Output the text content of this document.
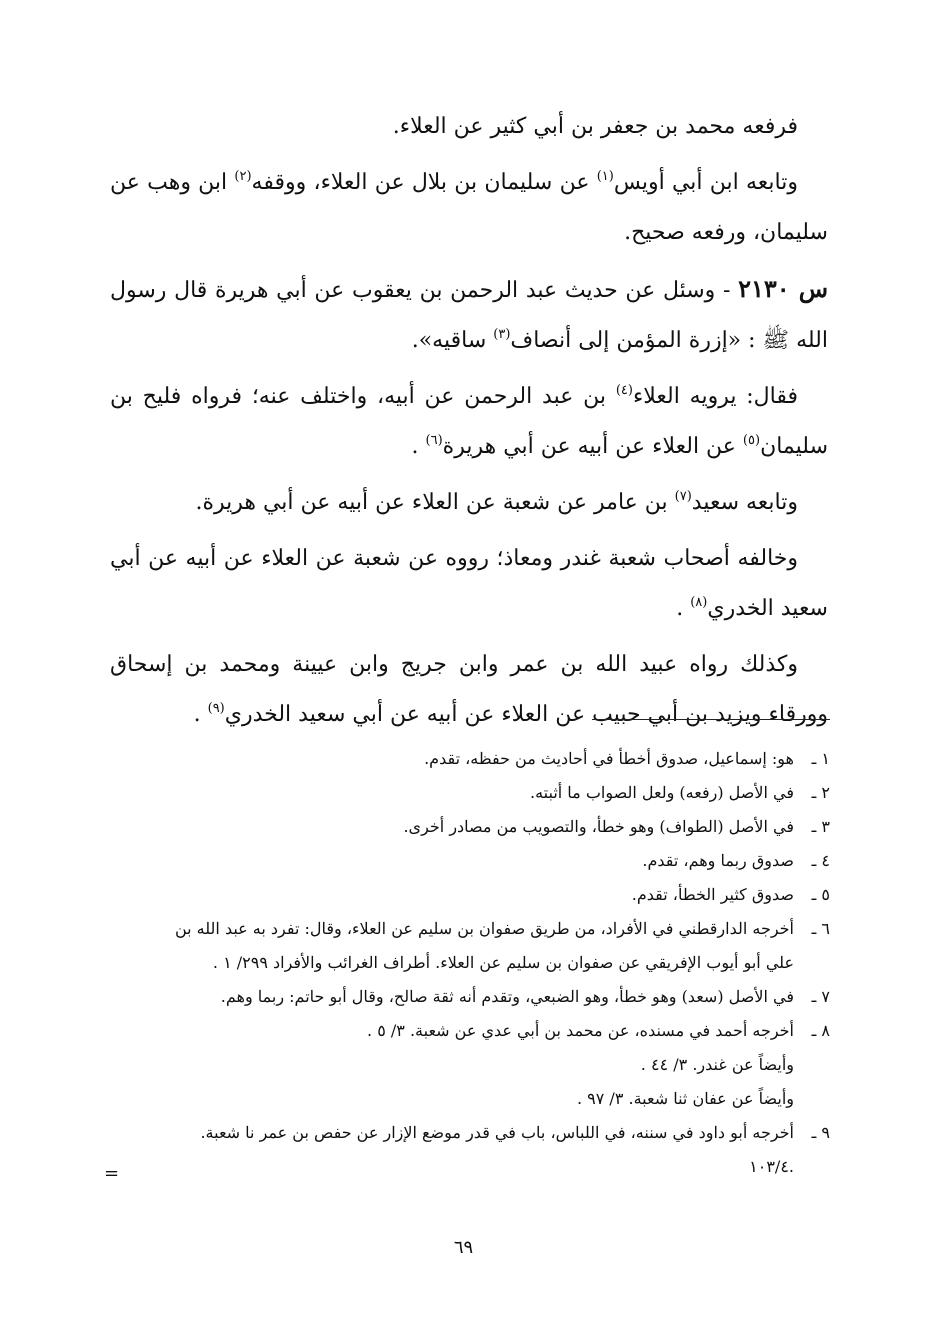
فرفعه محمد بن جعفر بن أبي كثير عن العلاء.

وتابعه ابن أبي أويس$^{(١)}$ عن سليمان بن بلال عن العلاء، ووقفه$^{(٢)}$ ابن وهب عن سليمان، ورفعه صحيح.

س ٢١٣٠ - وسئل عن حديث عبد الرحمن بن يعقوب عن أبي هريرة قال رسول الله ﷺ : «إزرة المؤمن إلى أنصاف$^{(٣)}$ ساقيه».

فقال: يرويه العلاء$^{(٤)}$ بن عبد الرحمن عن أبيه، واختلف عنه؛ فرواه فليح بن سليمان$^{(٥)}$ عن العلاء عن أبيه عن أبي هريرة$^{(٦)}$ .

وتابعه سعيد$^{(٧)}$ بن عامر عن شعبة عن العلاء عن أبيه عن أبي هريرة.

وخالفه أصحاب شعبة غندر ومعاذ؛ رووه عن شعبة عن العلاء عن أبيه عن أبي سعيد الخدري$^{(٨)}$ .

وكذلك رواه عبيد الله بن عمر وابن جريج وابن عيينة ومحمد بن إسحاق وورقاء ويزيد بن أبي حبيب عن العلاء عن أبيه عن أبي سعيد الخدري$^{(٩)}$ .

١ ـ
هو: إسماعيل، صدوق أخطأ في أحاديث من حفظه، تقدم.
٢ ـ
في الأصل (رفعه) ولعل الصواب ما أثبته.
٣ ـ
في الأصل (الطواف) وهو خطأ، والتصويب من مصادر أخرى.
٤ ـ
صدوق ربما وهم، تقدم.
٥ ـ
صدوق كثير الخطأ، تقدم.
٦ ـ
أخرجه الدارقطني في الأفراد، من طريق صفوان بن سليم عن العلاء، وقال: تفرد به عبد الله بن
علي أبو أيوب الإفريقي عن صفوان بن سليم عن العلاء. أطراف الغرائب والأفراد ٢٩٩/ ١ .
٧ ـ
في الأصل (سعد) وهو خطأ، وهو الضبعي، وتقدم أنه ثقة صالح، وقال أبو حاتم: ربما وهم.
٨ ـ
أخرجه أحمد في مسنده، عن محمد بن أبي عدي عن شعبة. ٣/ ٥ .
وأيضاً عن غندر. ٣/ ٤٤ .
وأيضاً عن عفان ثنا شعبة. ٣/ ٩٧ .
٩ ـ
أخرجه أبو داود في سننه، في اللباس، باب في قدر موضع الإزار عن حفص بن عمر نا شعبة.
.١٠٣/٤
=
٦٩
